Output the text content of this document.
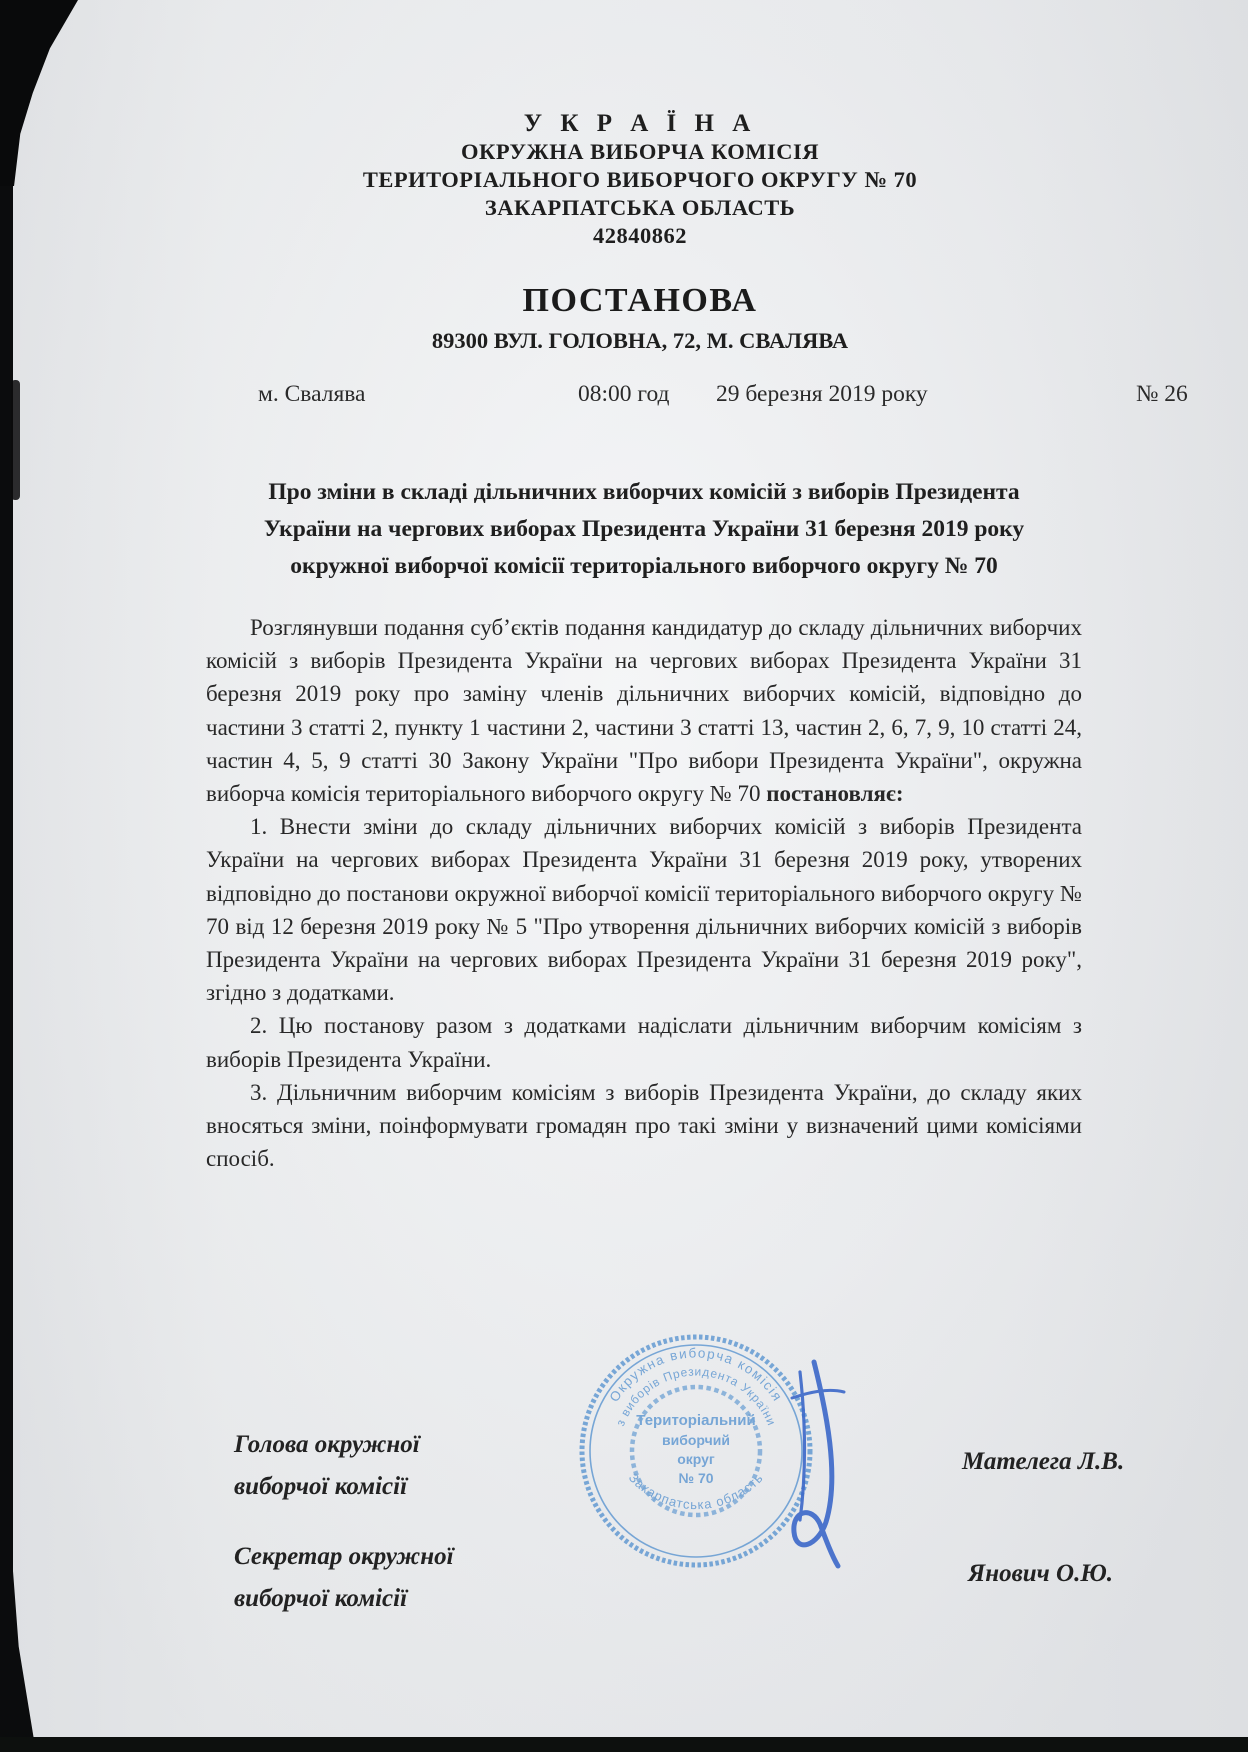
У К Р А Ї Н А
ОКРУЖНА ВИБОРЧА КОМІСІЯ
ТЕРИТОРІАЛЬНОГО ВИБОРЧОГО ОКРУГУ № 70
ЗАКАРПАТСЬКА ОБЛАСТЬ
42840862
ПОСТАНОВА
89300 ВУЛ. ГОЛОВНА, 72, М. СВАЛЯВА
м. Свалява	08:00 год 29 березня 2019 року	№ 26
Про зміни в складі дільничних виборчих комісій з виборів Президента
України на чергових виборах Президента України 31 березня 2019 року
окружної виборчої комісії територіального виборчого округу № 70

Розглянувши подання суб’єктів подання кандидатур до складу дільничних виборчих комісій з виборів Президента України на чергових виборах Президента України 31 березня 2019 року про заміну членів дільничних виборчих комісій, відповідно до частини 3 статті 2, пункту 1 частини 2, частини 3 статті 13, частин 2, 6, 7, 9, 10 статті 24, частин 4, 5, 9 статті 30 Закону України "Про вибори Президента України", окружна виборча комісія територіального виборчого округу № 70 постановляє:

1. Внести зміни до складу дільничних виборчих комісій з виборів Президента України на чергових виборах Президента України 31 березня 2019 року, утворених відповідно до постанови окружної виборчої комісії територіального виборчого округу № 70 від 12 березня 2019 року № 5 "Про утворення дільничних виборчих комісій з виборів Президента України на чергових виборах Президента України 31 березня 2019 року", згідно з додатками.

2. Цю постанову разом з додатками надіслати дільничним виборчим комісіям з виборів Президента України.

3. Дільничним виборчим комісіям з виборів Президента України, до складу яких вносяться зміни, поінформувати громадян про такі зміни у визначений цими комісіями спосіб.

Голова окружної
виборчої комісії
Мателега Л.В.
Секретар окружної
виборчої комісії
Янович О.Ю.
Окружна виборча комісія
з виборів Президента України
Закарпатська область
Територіальний
виборчий
округ
№ 70
